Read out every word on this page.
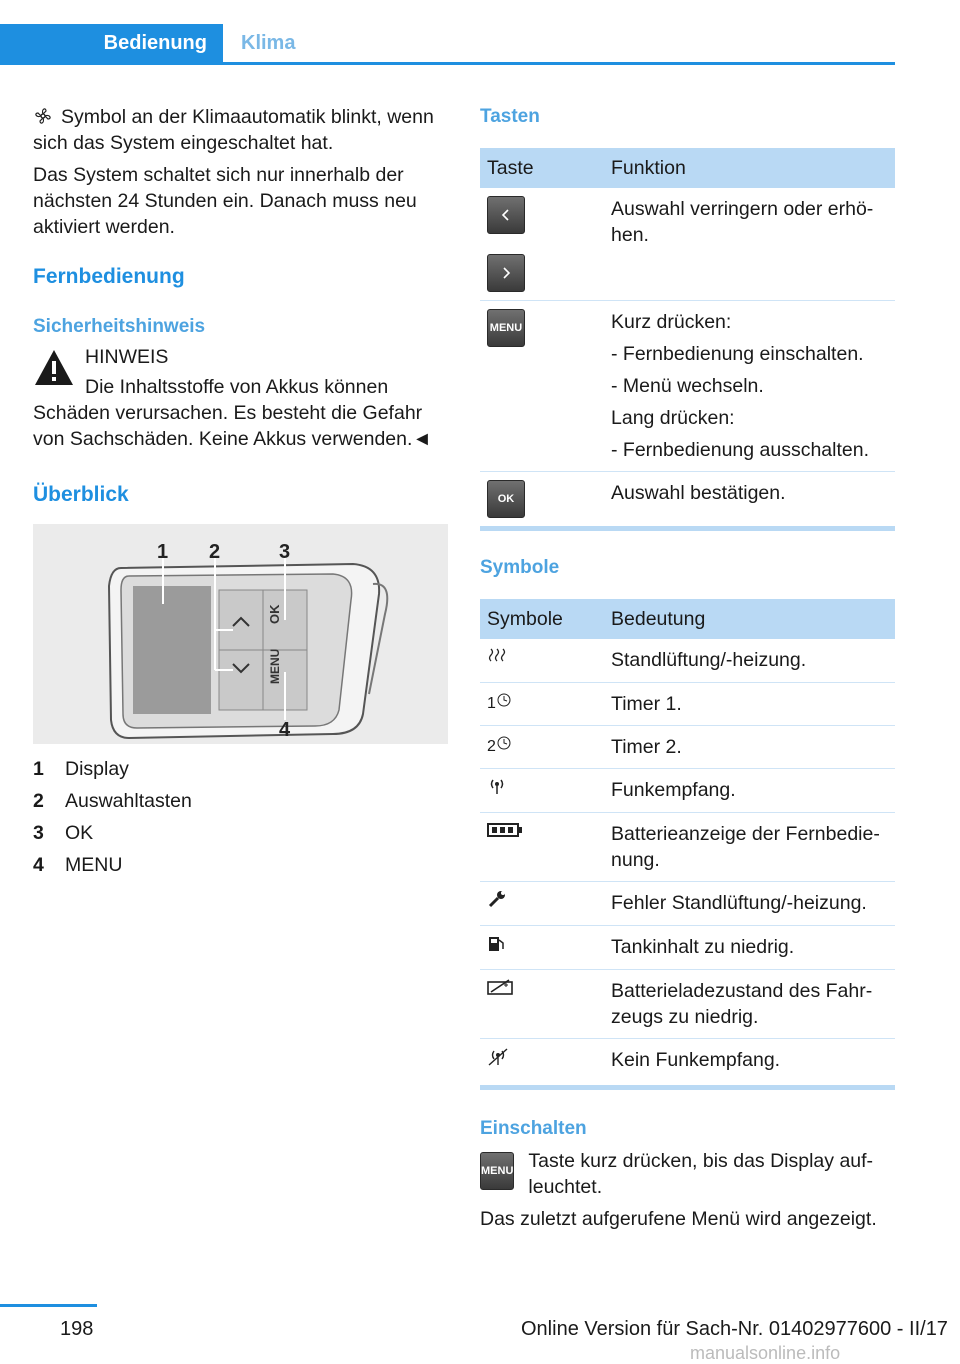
Bedienung	Klima

Symbol an der Klimaautomatik blinkt, wenn sich das System eingeschaltet hat.

Das System schaltet sich nur innerhalb der nächsten 24 Stunden ein. Danach muss neu aktiviert werden.

Fernbedienung

Sicherheitshinweis

HINWEIS

Die Inhaltsstoffe von Akkus können Schäden verursachen. Es besteht die Gefahr von Sachschäden. Keine Akkus verwenden.◄

Überblick

OK
MENU
1 2	3
4
1	Display
2	Auswahltasten
3	OK
4	MENU

Tasten

Taste	Funktion

	Auswahl verringern oder erhö-hen.

MENU	Kurz drücken:

- Fernbedienung einschalten.

- Menü wechseln.

Lang drücken:

- Fernbedienung ausschalten.

OK	Auswahl bestätigen.

Symbole

Symbole	Bedeutung
	Standlüftung/-heizung.
1	Timer 1.
2	Timer 2.
	Funkempfang.
	Batterieanzeige der Fernbedie-nung.
	Fehler Standlüftung/-heizung.
	Tankinhalt zu niedrig.
	Batterieladezustand des Fahr-zeugs zu niedrig.
	Kein Funkempfang.

Einschalten

MENU Taste kurz drücken, bis das Display auf-leuchtet.

Das zuletzt aufgerufene Menü wird angezeigt.

198	Online Version für Sach-Nr. 01402977600 - II/17
manualsonline.info
